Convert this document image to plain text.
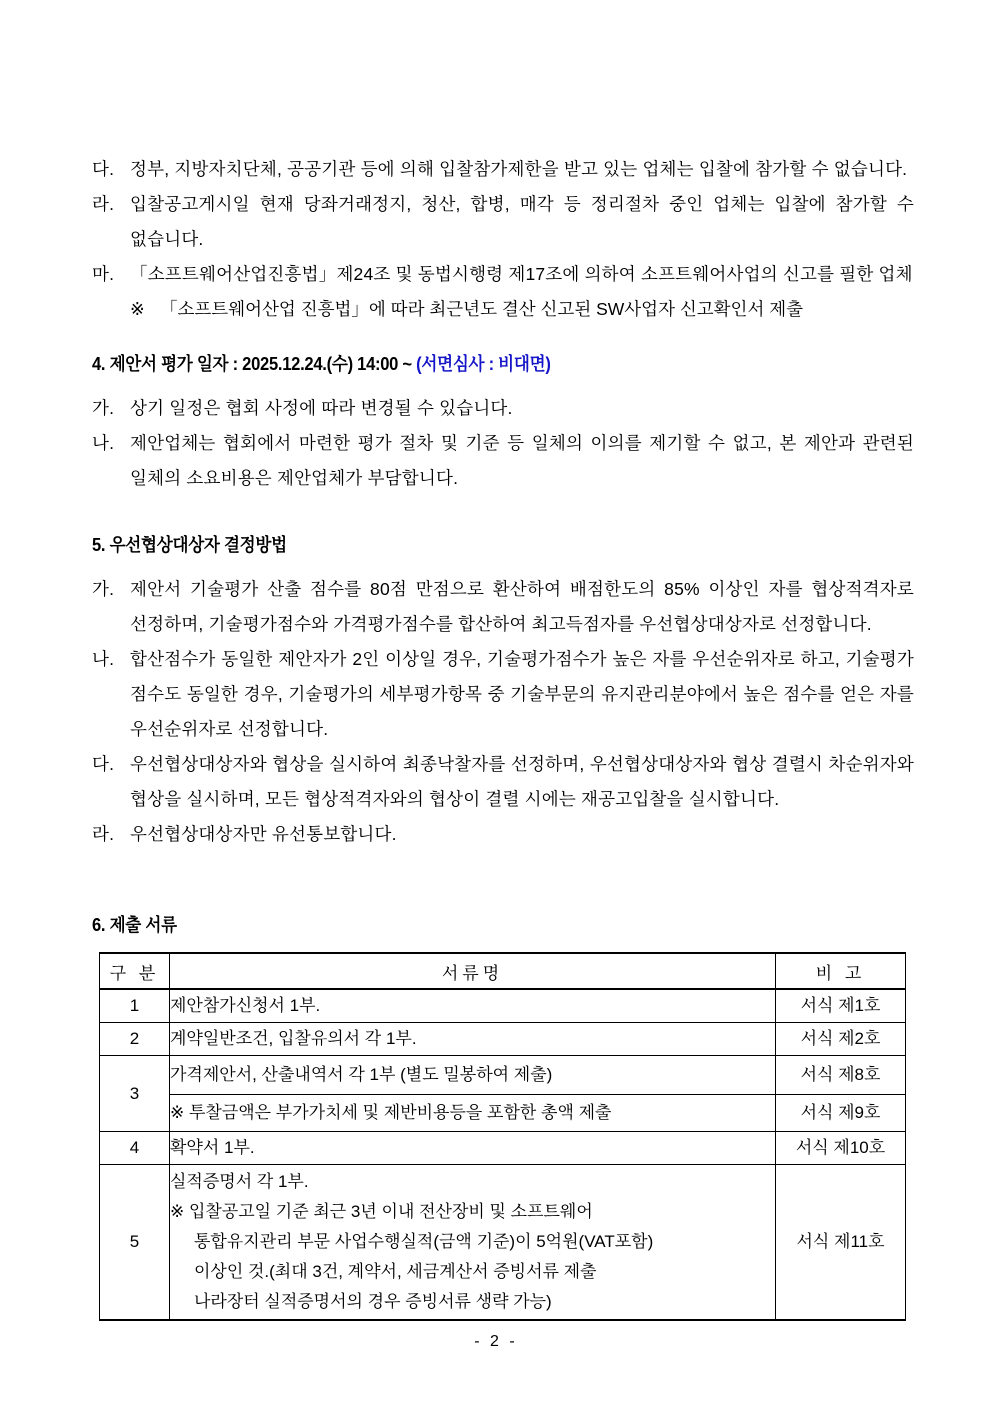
다. 정부, 지방자치단체, 공공기관 등에 의해 입찰참가제한을 받고 있는 업체는 입찰에 참가할 수 없습니다.
라. 입찰공고게시일 현재 당좌거래정지, 청산, 합병, 매각 등 정리절차 중인 업체는 입찰에 참가할 수 없습니다.
마. 「소프트웨어산업진흥법」제24조 및 동법시행령 제17조에 의하여 소프트웨어사업의 신고를 필한 업체
※ 「소프트웨어산업 진흥법」에 따라 최근년도 결산 신고된 SW사업자 신고확인서 제출
4. 제안서 평가 일자 : 2025.12.24.(수) 14:00 ~ (서면심사 : 비대면)
가. 상기 일정은 협회 사정에 따라 변경될 수 있습니다.
나. 제안업체는 협회에서 마련한 평가 절차 및 기준 등 일체의 이의를 제기할 수 없고, 본 제안과 관련된 일체의 소요비용은 제안업체가 부담합니다.
5. 우선협상대상자 결정방법
가. 제안서 기술평가 산출 점수를 80점 만점으로 환산하여 배점한도의 85% 이상인 자를 협상적격자로 선정하며, 기술평가점수와 가격평가점수를 합산하여 최고득점자를 우선협상대상자로 선정합니다.
나. 합산점수가 동일한 제안자가 2인 이상일 경우, 기술평가점수가 높은 자를 우선순위자로 하고, 기술평가 점수도 동일한 경우, 기술평가의 세부평가항목 중 기술부문의 유지관리분야에서 높은 점수를 얻은 자를 우선순위자로 선정합니다.
다. 우선협상대상자와 협상을 실시하여 최종낙찰자를 선정하며, 우선협상대상자와 협상 결렬시 차순위자와 협상을 실시하며, 모든 협상적격자와의 협상이 결렬 시에는 재공고입찰을 실시합니다.
라. 우선협상대상자만 유선통보합니다.
6. 제출 서류
구 분	서류명	비 고
1	제안참가신청서 1부.	서식 제1호
2	계약일반조건, 입찰유의서 각 1부.	서식 제2호
3	가격제안서, 산출내역서 각 1부 (별도 밀봉하여 제출)	서식 제8호
	※ 투찰금액은 부가가치세 및 제반비용등을 포함한 총액 제출	서식 제9호
4	확약서 1부.	서식 제10호
5	실적증명서 각 1부.
※ 입찰공고일 기준 최근 3년 이내 전산장비 및 소프트웨어
통합유지관리 부문 사업수행실적(금액 기준)이 5억원(VAT포함)
이상인 것.(최대 3건, 계약서, 세금계산서 증빙서류 제출
나라장터 실적증명서의 경우 증빙서류 생략 가능)	서식 제11호
- 2 -
